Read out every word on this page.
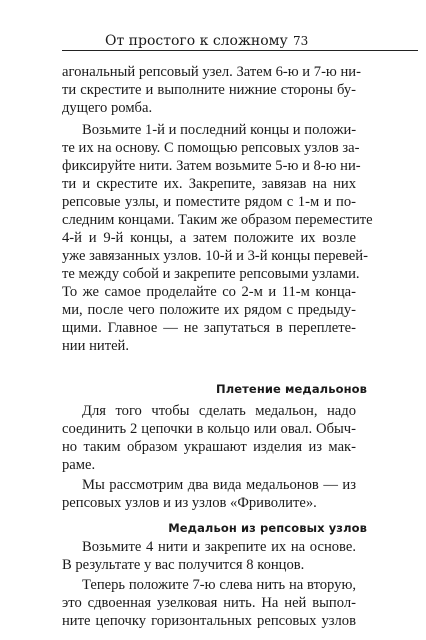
От простого к сложному 73

агональный репсовый узел. Затем 6-ю и 7-ю ни-

ти скрестите и выполните нижние стороны бу-

дущего ромба.

Возьмите 1-й и последний концы и положи-

те их на основу. С помощью репсовых узлов за-

фиксируйте нити. Затем возьмите 5-ю и 8-ю ни-

ти и скрестите их. Закрепите, завязав на них

репсовые узлы, и поместите рядом с 1-м и по-

следним концами. Таким же образом переместите

4-й и 9-й концы, а затем положите их возле

уже завязанных узлов. 10-й и 3-й концы перевей-

те между собой и закрепите репсовыми узлами.

То же самое проделайте со 2-м и 11-м конца-

ми, после чего положите их рядом с предыду-

щими. Главное — не запутаться в переплете-

нии нитей.

Плетение медальонов

Для того чтобы сделать медальон, надо

соединить 2 цепочки в кольцо или овал. Обыч-

но таким образом украшают изделия из мак-

раме.

Мы рассмотрим два вида медальонов — из

репсовых узлов и из узлов «Фриволите».

Медальон из репсовых узлов

Возьмите 4 нити и закрепите их на основе.

В результате у вас получится 8 концов.

Теперь положите 7-ю слева нить на вторую,

это сдвоенная узелковая нить. На ней выпол-

ните цепочку горизонтальных репсовых узлов
